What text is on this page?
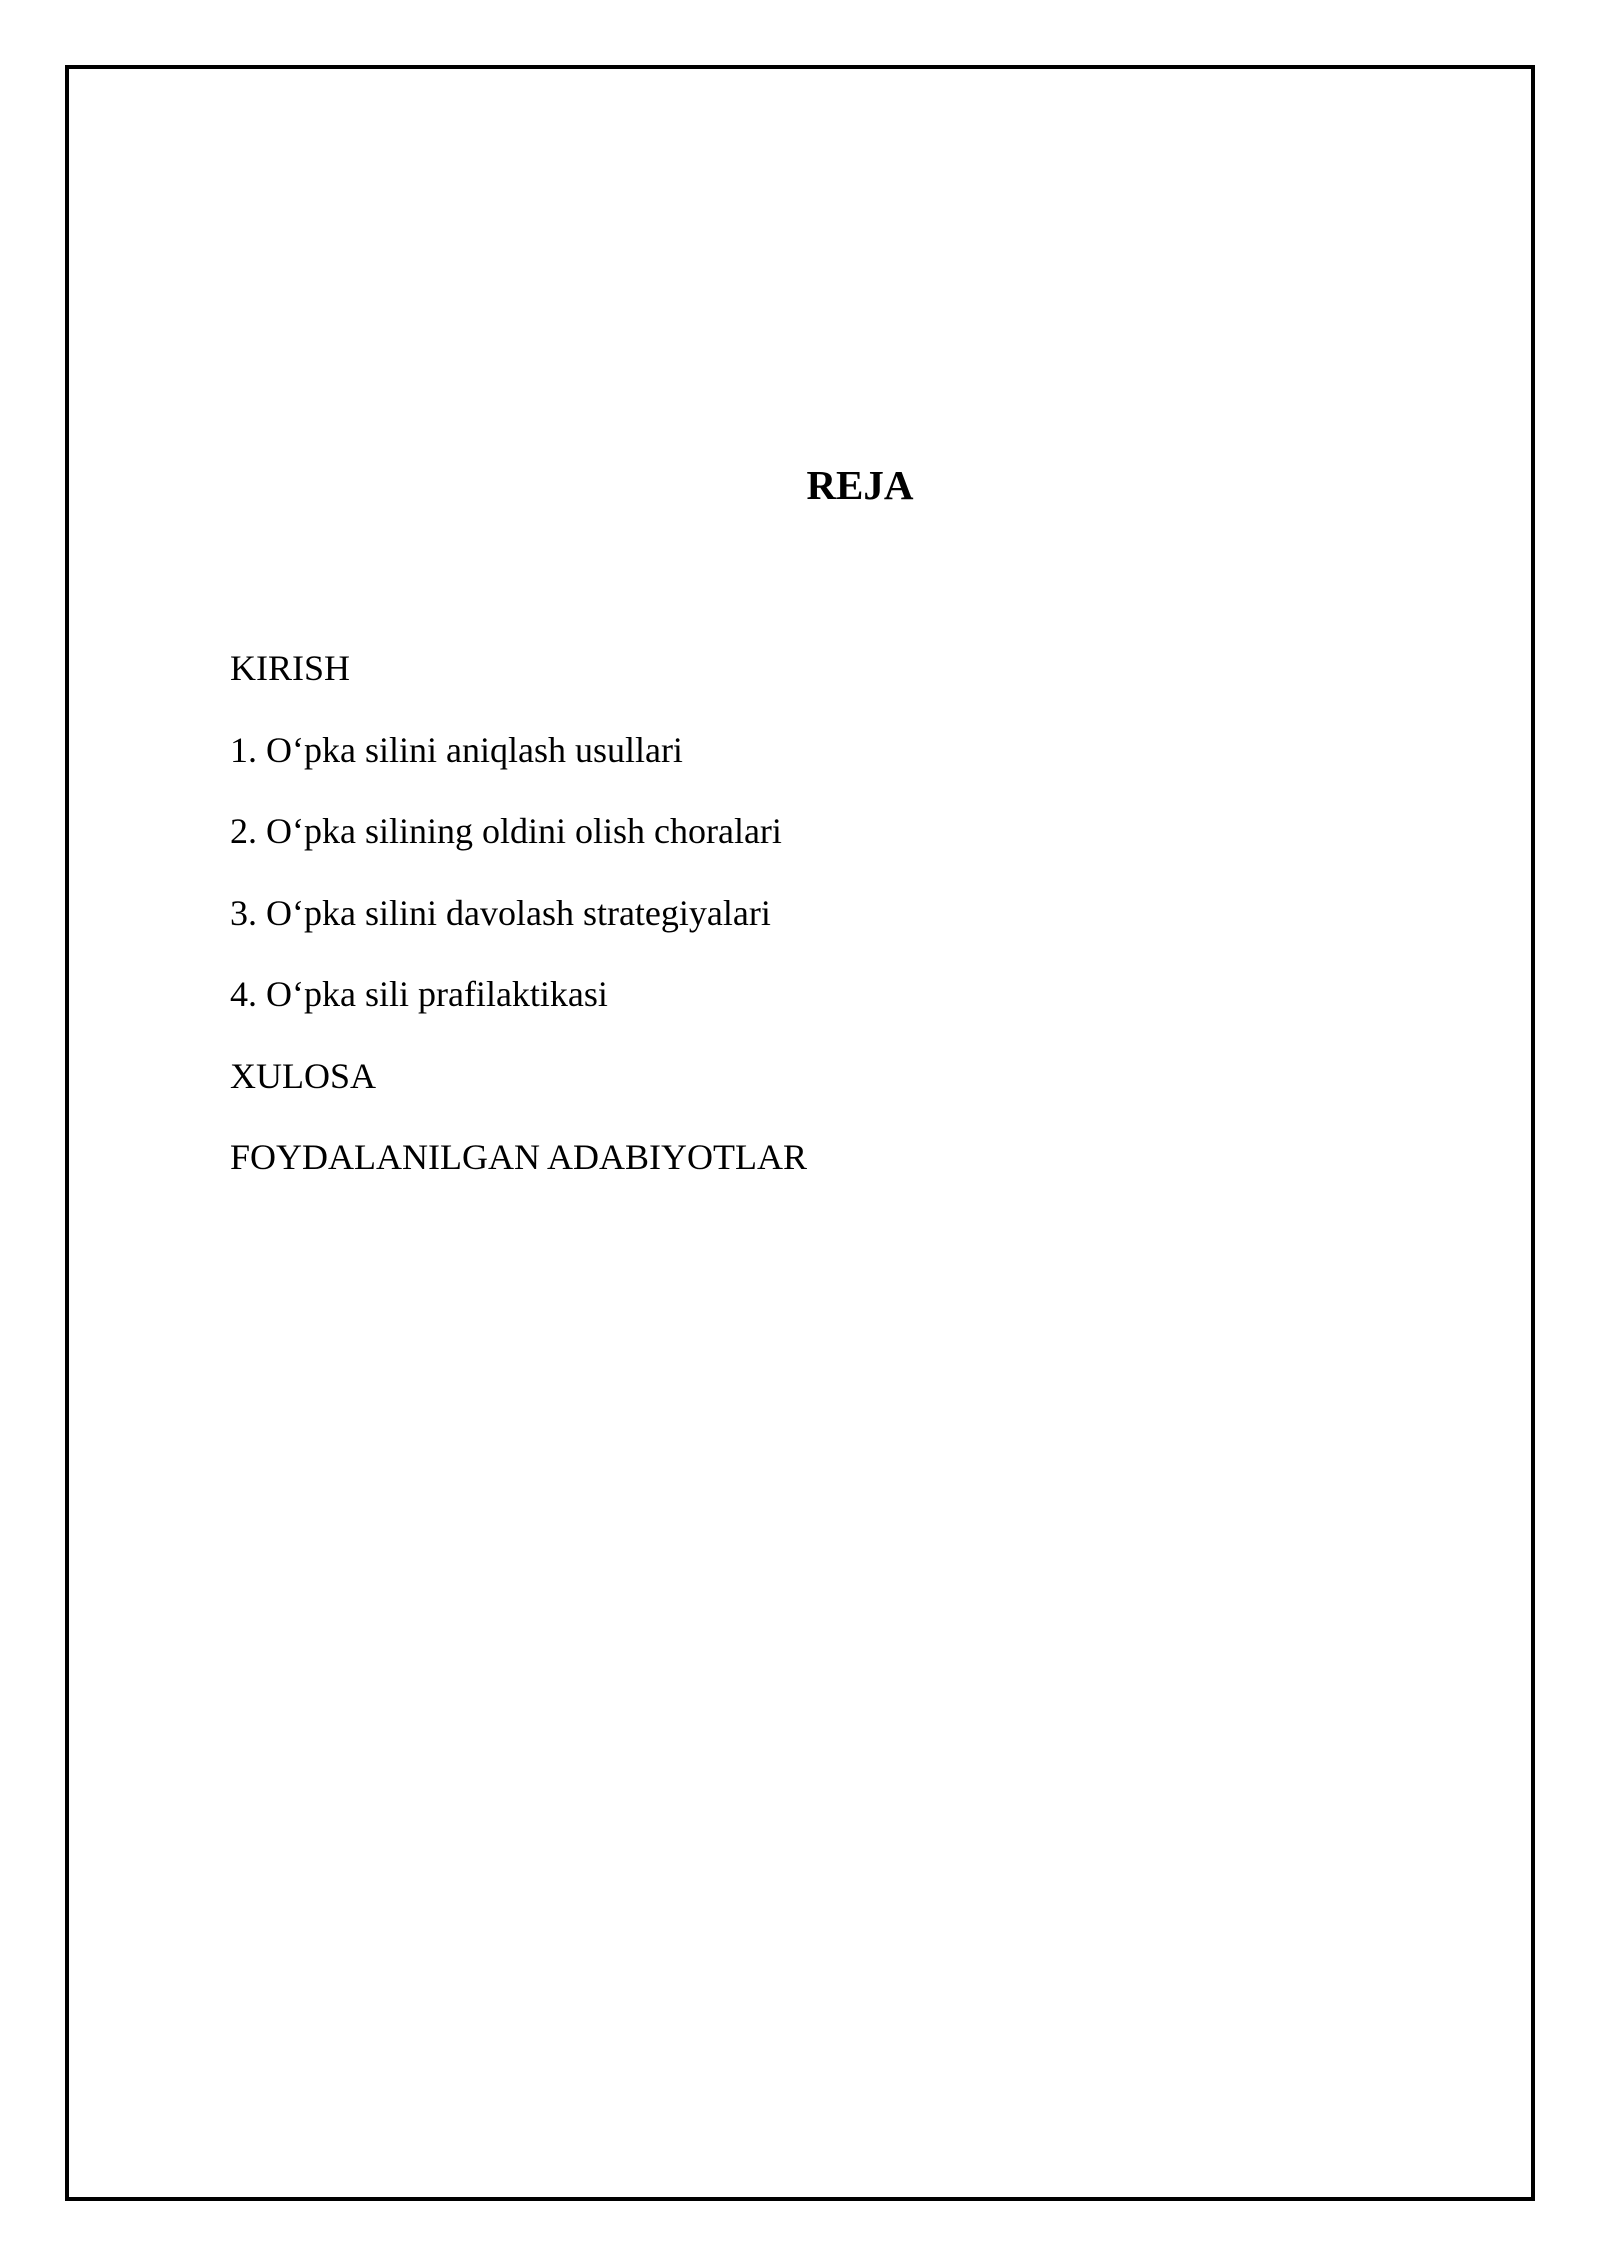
REJA
KIRISH
1. O‘pka silini aniqlash usullari
2. O‘pka silining oldini olish choralari
3. O‘pka silini davolash strategiyalari
4. O‘pka sili prafilaktikasi
XULOSA
FOYDALANILGAN ADABIYOTLAR
